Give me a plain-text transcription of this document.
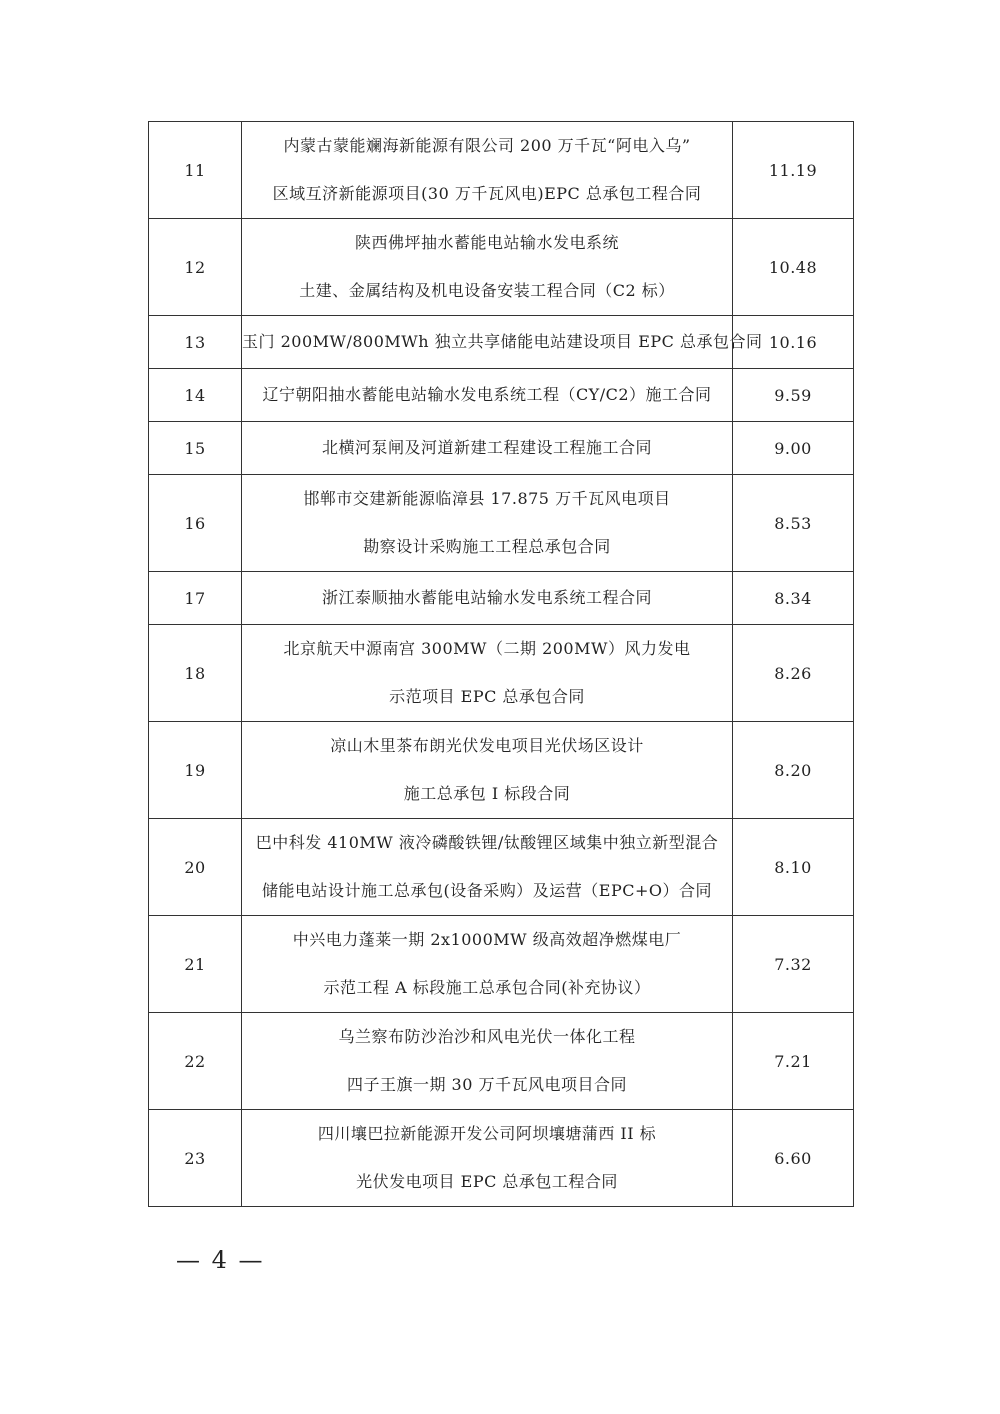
11	内蒙古蒙能斓海新能源有限公司 200 万千瓦“阿电入乌”
区域互济新能源项目(30 万千瓦风电)EPC 总承包工程合同	11.19
12	陕西佛坪抽水蓄能电站输水发电系统
土建、金属结构及机电设备安装工程合同（C2 标）	10.48
13	玉门 200MW/800MWh 独立共享储能电站建设项目 EPC 总承包合同	10.16
14	辽宁朝阳抽水蓄能电站输水发电系统工程（CY/C2）施工合同	9.59
15	北横河泵闸及河道新建工程建设工程施工合同	9.00
16	邯郸市交建新能源临漳县 17.875 万千瓦风电项目
勘察设计采购施工工程总承包合同	8.53
17	浙江泰顺抽水蓄能电站输水发电系统工程合同	8.34
18	北京航天中源南宫 300MW（二期 200MW）风力发电
示范项目 EPC 总承包合同	8.26
19	凉山木里茶布朗光伏发电项目光伏场区设计
施工总承包 I 标段合同	8.20
20	巴中科发 410MW 液冷磷酸铁锂/钛酸锂区域集中独立新型混合
储能电站设计施工总承包(设备采购）及运营（EPC+O）合同	8.10
21	中兴电力蓬莱一期 2x1000MW 级高效超净燃煤电厂
示范工程 A 标段施工总承包合同(补充协议）	7.32
22	乌兰察布防沙治沙和风电光伏一体化工程
四子王旗一期 30 万千瓦风电项目合同	7.21
23	四川壤巴拉新能源开发公司阿坝壤塘蒲西 II 标
光伏发电项目 EPC 总承包工程合同	6.60
— 4 —
